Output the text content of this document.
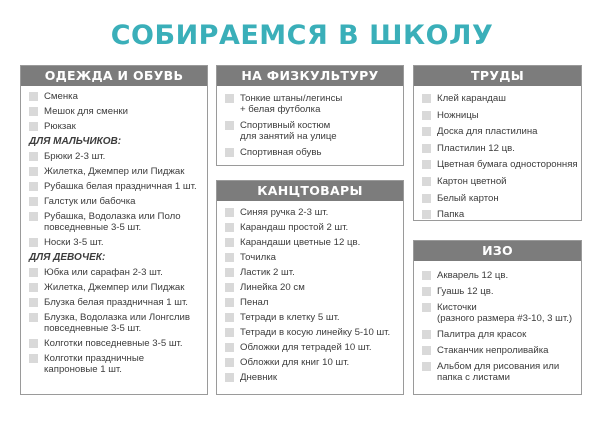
СОБИРАЕМСЯ В ШКОЛУ
ОДЕЖДА И ОБУВЬ
Сменка
Мешок для сменки
Рюкзак
ДЛЯ МАЛЬЧИКОВ:
Брюки 2-3 шт.
Жилетка, Джемпер или Пиджак
Рубашка белая праздничная 1 шт.
Галстук или бабочка
Рубашка, Водолазка или Поло
повседневные 3-5 шт.
Носки 3-5 шт.
ДЛЯ ДЕВОЧЕК:
Юбка или сарафан 2-3 шт.
Жилетка, Джемпер или Пиджак
Блузка белая праздничная 1 шт.
Блузка, Водолазка или Лонгслив
повседневные 3-5 шт.
Колготки повседневные 3-5 шт.
Колготки праздничные
капроновые 1 шт.
НА ФИЗКУЛЬТУРУ
Тонкие штаны/легинсы
+ белая футболка
Спортивный костюм
для занятий на улице
Спортивная обувь
КАНЦТОВАРЫ
Синяя ручка 2-3 шт.
Карандаш простой 2 шт.
Карандаши цветные 12 цв.
Точилка
Ластик 2 шт.
Линейка 20 см
Пенал
Тетради в клетку 5 шт.
Тетради в косую линейку 5-10 шт.
Обложки для тетрадей 10 шт.
Обложки для книг 10 шт.
Дневник
ТРУДЫ
Клей карандаш
Ножницы
Доска для пластилина
Пластилин 12 цв.
Цветная бумага односторонняя
Картон цветной
Белый картон
Папка
ИЗО
Акварель 12 цв.
Гуашь 12 цв.
Кисточки
(разного размера #3-10, 3 шт.)
Палитра для красок
Стаканчик непроливайка
Альбом для рисования или
папка с листами
